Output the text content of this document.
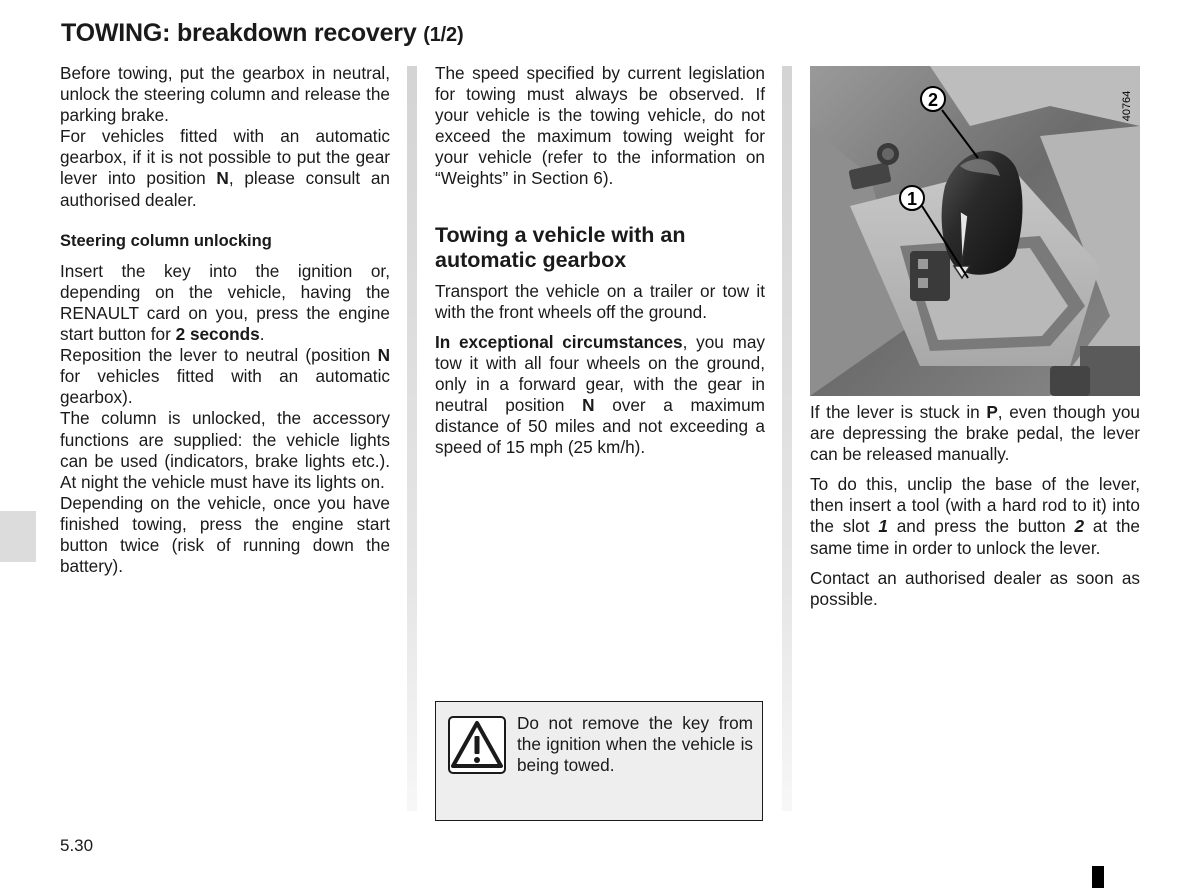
TOWING: breakdown recovery (1/2)

Before towing, put the gearbox in neutral, unlock the steering column and release the parking brake.

For vehicles fitted with an automatic gearbox, if it is not possible to put the gear lever into position N, please consult an authorised dealer.

Steering column unlocking

Insert the key into the ignition or, depending on the vehicle, having the RENAULT card on you, press the engine start button for 2 seconds.

Reposition the lever to neutral (position N for vehicles fitted with an automatic gearbox).

The column is unlocked, the accessory functions are supplied: the vehicle lights can be used (indicators, brake lights etc.). At night the vehicle must have its lights on.

Depending on the vehicle, once you have finished towing, press the engine start button twice (risk of running down the battery).

The speed specified by current legislation for towing must always be observed. If your vehicle is the towing vehicle, do not exceed the maximum towing weight for your vehicle (refer to the information on “Weights” in Section 6).

Towing a vehicle with an automatic gearbox

Transport the vehicle on a trailer or tow it with the front wheels off the ground.

In exceptional circumstances, you may tow it with all four wheels on the ground, only in a forward gear, with the gear in neutral position N over a maximum distance of 50 miles and not exceeding a speed of 15 mph (25 km/h).

Do not remove the key from the ignition when the vehicle is being towed.
2
1
40764

If the lever is stuck in P, even though you are depressing the brake pedal, the lever can be released manually.

To do this, unclip the base of the lever, then insert a tool (with a hard rod to it) into the slot 1 and press the button 2 at the same time in order to unlock the lever.

Contact an authorised dealer as soon as possible.

5.30
